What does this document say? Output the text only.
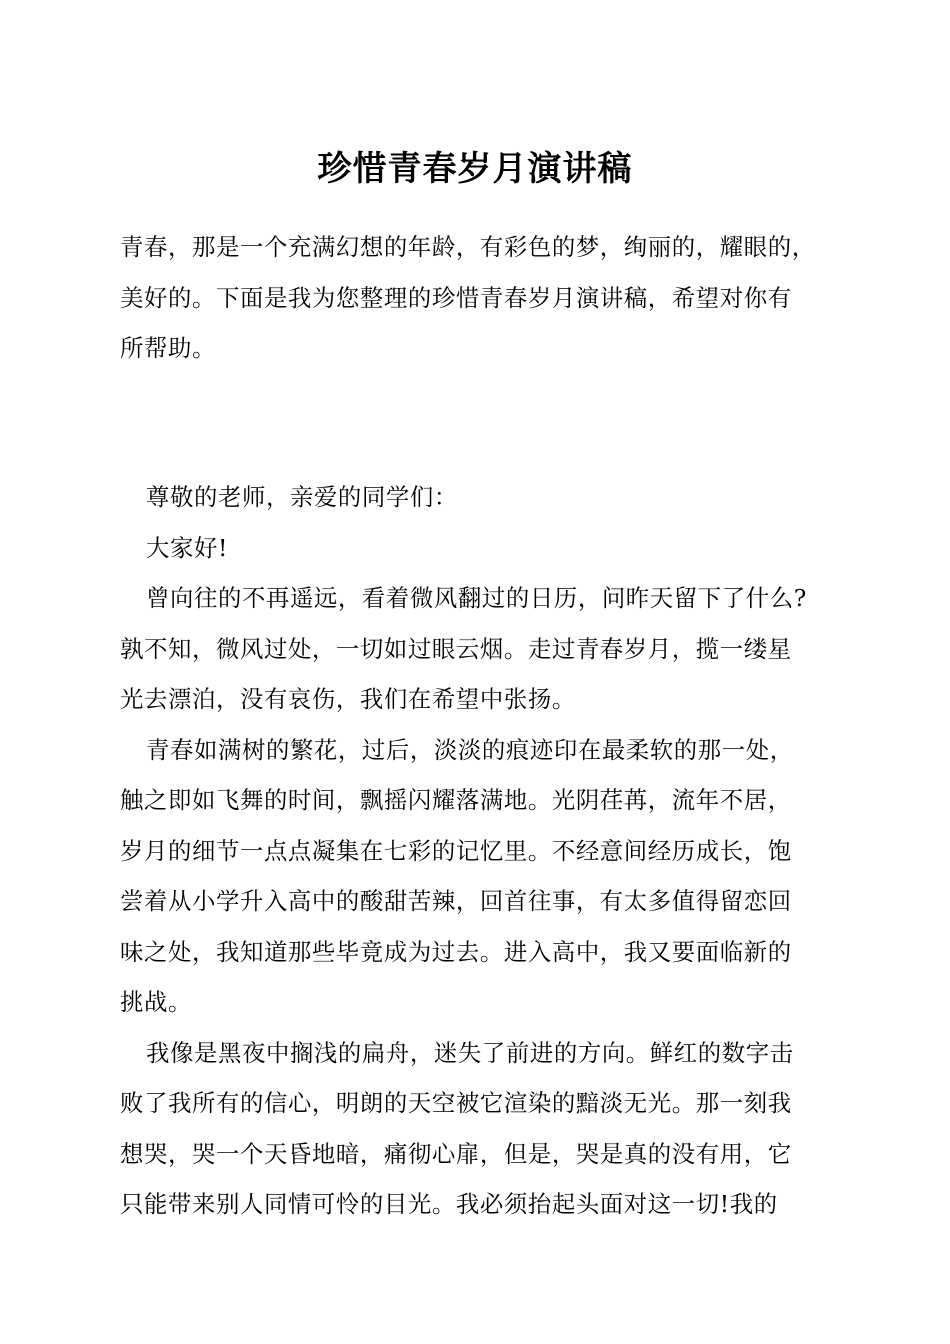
珍惜青春岁月演讲稿
青春，那是一个充满幻想的年龄，有彩色的梦，绚丽的，耀眼的，
美好的。下面是我为您整理的珍惜青春岁月演讲稿，希望对你有
所帮助。
尊敬的老师，亲爱的同学们：
大家好!
曾向往的不再遥远，看着微风翻过的日历，问昨天留下了什么?
孰不知，微风过处，一切如过眼云烟。走过青春岁月，揽一缕星
光去漂泊，没有哀伤，我们在希望中张扬。
青春如满树的繁花，过后，淡淡的痕迹印在最柔软的那一处，
触之即如飞舞的时间，飘摇闪耀落满地。光阴荏苒，流年不居，
岁月的细节一点点凝集在七彩的记忆里。不经意间经历成长，饱
尝着从小学升入高中的酸甜苦辣，回首往事，有太多值得留恋回
味之处，我知道那些毕竟成为过去。进入高中，我又要面临新的
挑战。
我像是黑夜中搁浅的扁舟，迷失了前进的方向。鲜红的数字击
败了我所有的信心，明朗的天空被它渲染的黯淡无光。那一刻我
想哭，哭一个天昏地暗，痛彻心扉，但是，哭是真的没有用，它
只能带来别人同情可怜的目光。我必须抬起头面对这一切!我的
